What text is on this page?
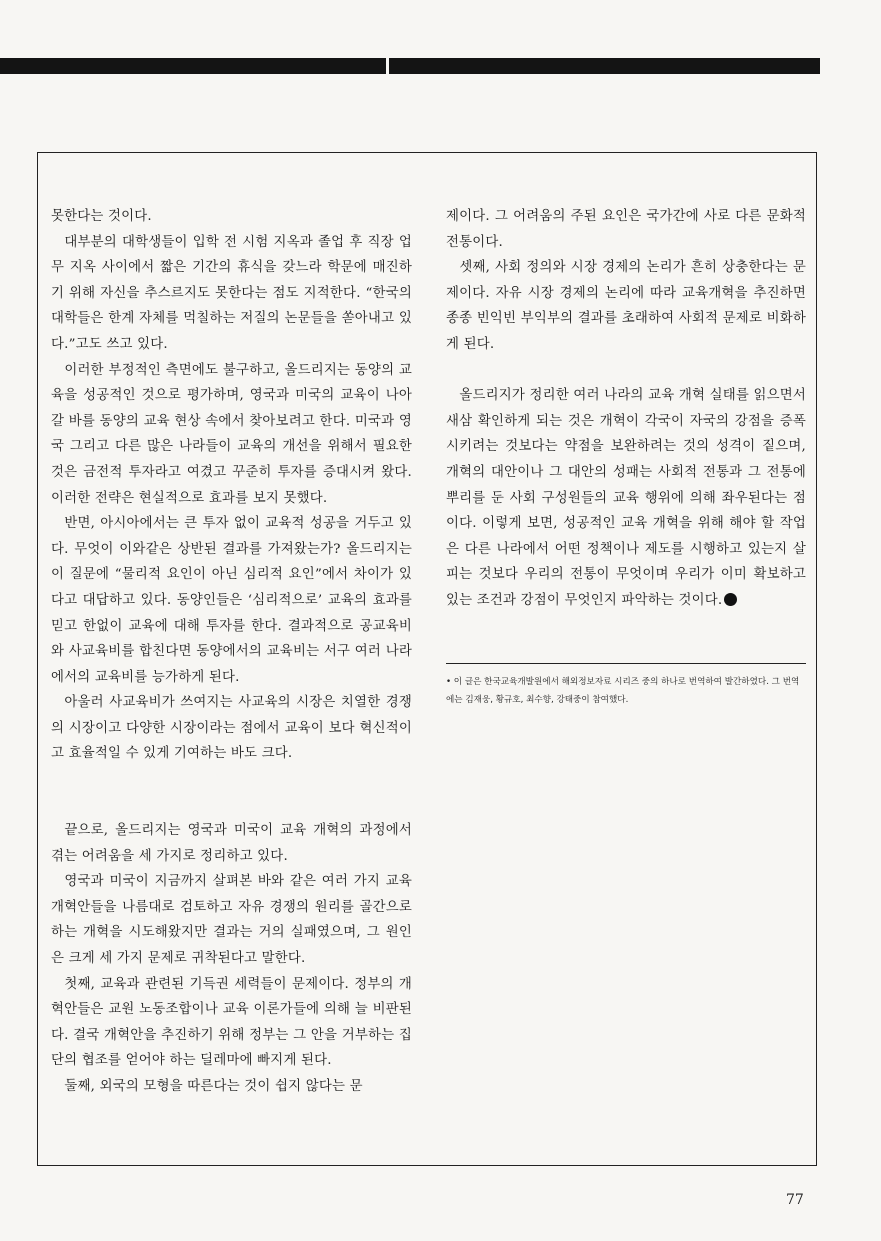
못한다는 것이다.

대부분의 대학생들이 입학 전 시험 지옥과 졸업 후 직장 업무 지옥 사이에서 짧은 기간의 휴식을 갖느라 학문에 매진하기 위해 자신을 추스르지도 못한다는 점도 지적한다. “한국의 대학들은 한계 자체를 먹칠하는 저질의 논문들을 쏟아내고 있다.”고도 쓰고 있다.

이러한 부정적인 측면에도 불구하고, 올드리지는 동양의 교육을 성공적인 것으로 평가하며, 영국과 미국의 교육이 나아갈 바를 동양의 교육 현상 속에서 찾아보려고 한다. 미국과 영국 그리고 다른 많은 나라들이 교육의 개선을 위해서 필요한 것은 금전적 투자라고 여겼고 꾸준히 투자를 증대시켜 왔다. 이러한 전략은 현실적으로 효과를 보지 못했다.

반면, 아시아에서는 큰 투자 없이 교육적 성공을 거두고 있다. 무엇이 이와같은 상반된 결과를 가져왔는가? 올드리지는 이 질문에 “물리적 요인이 아닌 심리적 요인”에서 차이가 있다고 대답하고 있다. 동양인들은 ‘심리적으로’ 교육의 효과를 믿고 한없이 교육에 대해 투자를 한다. 결과적으로 공교육비와 사교육비를 합친다면 동양에서의 교육비는 서구 여러 나라에서의 교육비를 능가하게 된다.

아울러 사교육비가 쓰여지는 사교육의 시장은 치열한 경쟁의 시장이고 다양한 시장이라는 점에서 교육이 보다 혁신적이고 효율적일 수 있게 기여하는 바도 크다.

끝으로, 올드리지는 영국과 미국이 교육 개혁의 과정에서 겪는 어려움을 세 가지로 정리하고 있다.

영국과 미국이 지금까지 살펴본 바와 같은 여러 가지 교육 개혁안들을 나름대로 검토하고 자유 경쟁의 원리를 골간으로 하는 개혁을 시도해왔지만 결과는 거의 실패였으며, 그 원인은 크게 세 가지 문제로 귀착된다고 말한다.

첫째, 교육과 관련된 기득권 세력들이 문제이다. 정부의 개혁안들은 교원 노동조합이나 교육 이론가들에 의해 늘 비판된다. 결국 개혁안을 추진하기 위해 정부는 그 안을 거부하는 집단의 협조를 얻어야 하는 딜레마에 빠지게 된다.

둘째, 외국의 모형을 따른다는 것이 쉽지 않다는 문

제이다. 그 어려움의 주된 요인은 국가간에 사로 다른 문화적 전통이다.

셋째, 사회 정의와 시장 경제의 논리가 흔히 상충한다는 문제이다. 자유 시장 경제의 논리에 따라 교육개혁을 추진하면 종종 빈익빈 부익부의 결과를 초래하여 사회적 문제로 비화하게 된다.

올드리지가 정리한 여러 나라의 교육 개혁 실태를 읽으면서 새삼 확인하게 되는 것은 개혁이 각국이 자국의 강점을 증폭시키려는 것보다는 약점을 보완하려는 것의 성격이 짙으며, 개혁의 대안이나 그 대안의 성패는 사회적 전통과 그 전통에 뿌리를 둔 사회 구성원들의 교육 행위에 의해 좌우된다는 점이다. 이렇게 보면, 성공적인 교육 개혁을 위해 해야 할 작업은 다른 나라에서 어떤 정책이나 제도를 시행하고 있는지 살피는 것보다 우리의 전통이 무엇이며 우리가 이미 확보하고 있는 조건과 강점이 무엇인지 파악하는 것이다.

• 이 글은 한국교육개발원에서 해외정보자료 시리즈 중의 하나로 번역하여 발간하였다. 그 번역에는 김재웅, 황규호, 최수향, 강태중이 참여했다.
77
